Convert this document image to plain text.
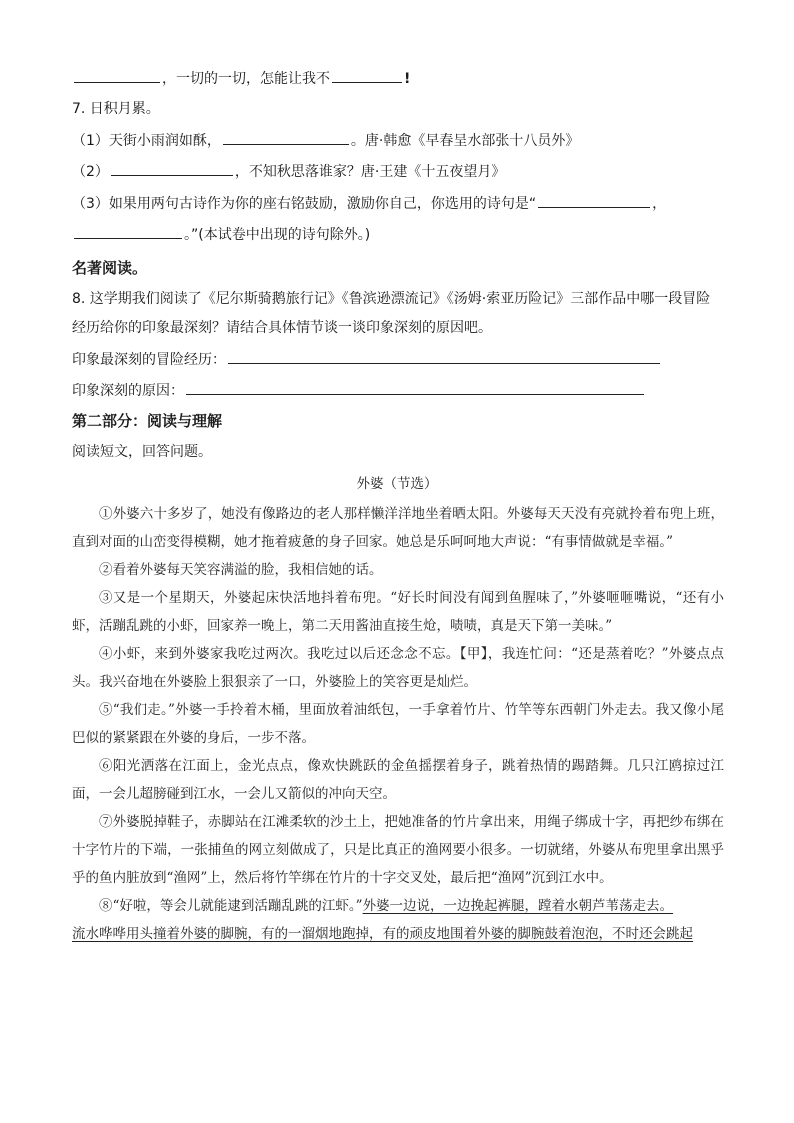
，一切的一切，怎能让我不	!
7. 日积月累。
（1）天街小雨润如酥，	。唐·韩愈《早春呈水部张十八员外》
（2）	，不知秋思落谁家？唐·王建《十五夜望月》
（3）如果用两句古诗作为你的座右铭鼓励，激励你自己，你选用的诗句是“	，
。”(本试卷中出现的诗句除外。)
名著阅读。
8. 这学期我们阅读了《尼尔斯骑鹅旅行记》《鲁滨逊漂流记》《汤姆·索亚历险记》三部作品中哪一段冒险
经历给你的印象最深刻？请结合具体情节谈一谈印象深刻的原因吧。
印象最深刻的冒险经历：
印象深刻的原因：
第二部分：阅读与理解
阅读短文，回答问题。
外婆（节选）

①外婆六十多岁了，她没有像路边的老人那样懒洋洋地坐着晒太阳。外婆每天天没有亮就拎着布兜上班，直到对面的山峦变得模糊，她才拖着疲惫的身子回家。她总是乐呵呵地大声说：“有事情做就是幸福。”

②看着外婆每天笑容满溢的脸，我相信她的话。

③又是一个星期天，外婆起床快活地抖着布兜。“好长时间没有闻到鱼腥味了，”外婆咂咂嘴说，“还有小虾，活蹦乱跳的小虾，回家养一晚上，第二天用酱油直接生炝，啧啧，真是天下第一美味。”

④小虾，来到外婆家我吃过两次。我吃过以后还念念不忘。【甲】，我连忙问：“还是蒸着吃？”外婆点点头。我兴奋地在外婆脸上狠狠亲了一口，外婆脸上的笑容更是灿烂。

⑤“我们走。”外婆一手拎着木桶，里面放着油纸包，一手拿着竹片、竹竿等东西朝门外走去。我又像小尾巴似的紧紧跟在外婆的身后，一步不落。

⑥阳光洒落在江面上，金光点点，像欢快跳跃的金鱼摇摆着身子，跳着热情的踢踏舞。几只江鸥掠过江面，一会儿超膀碰到江水，一会儿又箭似的冲向天空。

⑦外婆脱掉鞋子，赤脚站在江滩柔软的沙土上，把她准备的竹片拿出来，用绳子绑成十字，再把纱布绑在十字竹片的下端，一张捕鱼的网立刻做成了，只是比真正的渔网要小很多。一切就绪，外婆从布兜里拿出黑乎乎的鱼内脏放到“渔网”上，然后将竹竿绑在竹片的十字交叉处，最后把“渔网”沉到江水中。

⑧“好啦，等会儿就能逮到活蹦乱跳的江虾。”外婆一边说，一边挽起裤腿，蹚着水朝芦苇荡走去。

流水哗哗用头撞着外婆的脚腕，有的一溜烟地跑掉，有的顽皮地围着外婆的脚腕鼓着泡泡，不时还会跳起
